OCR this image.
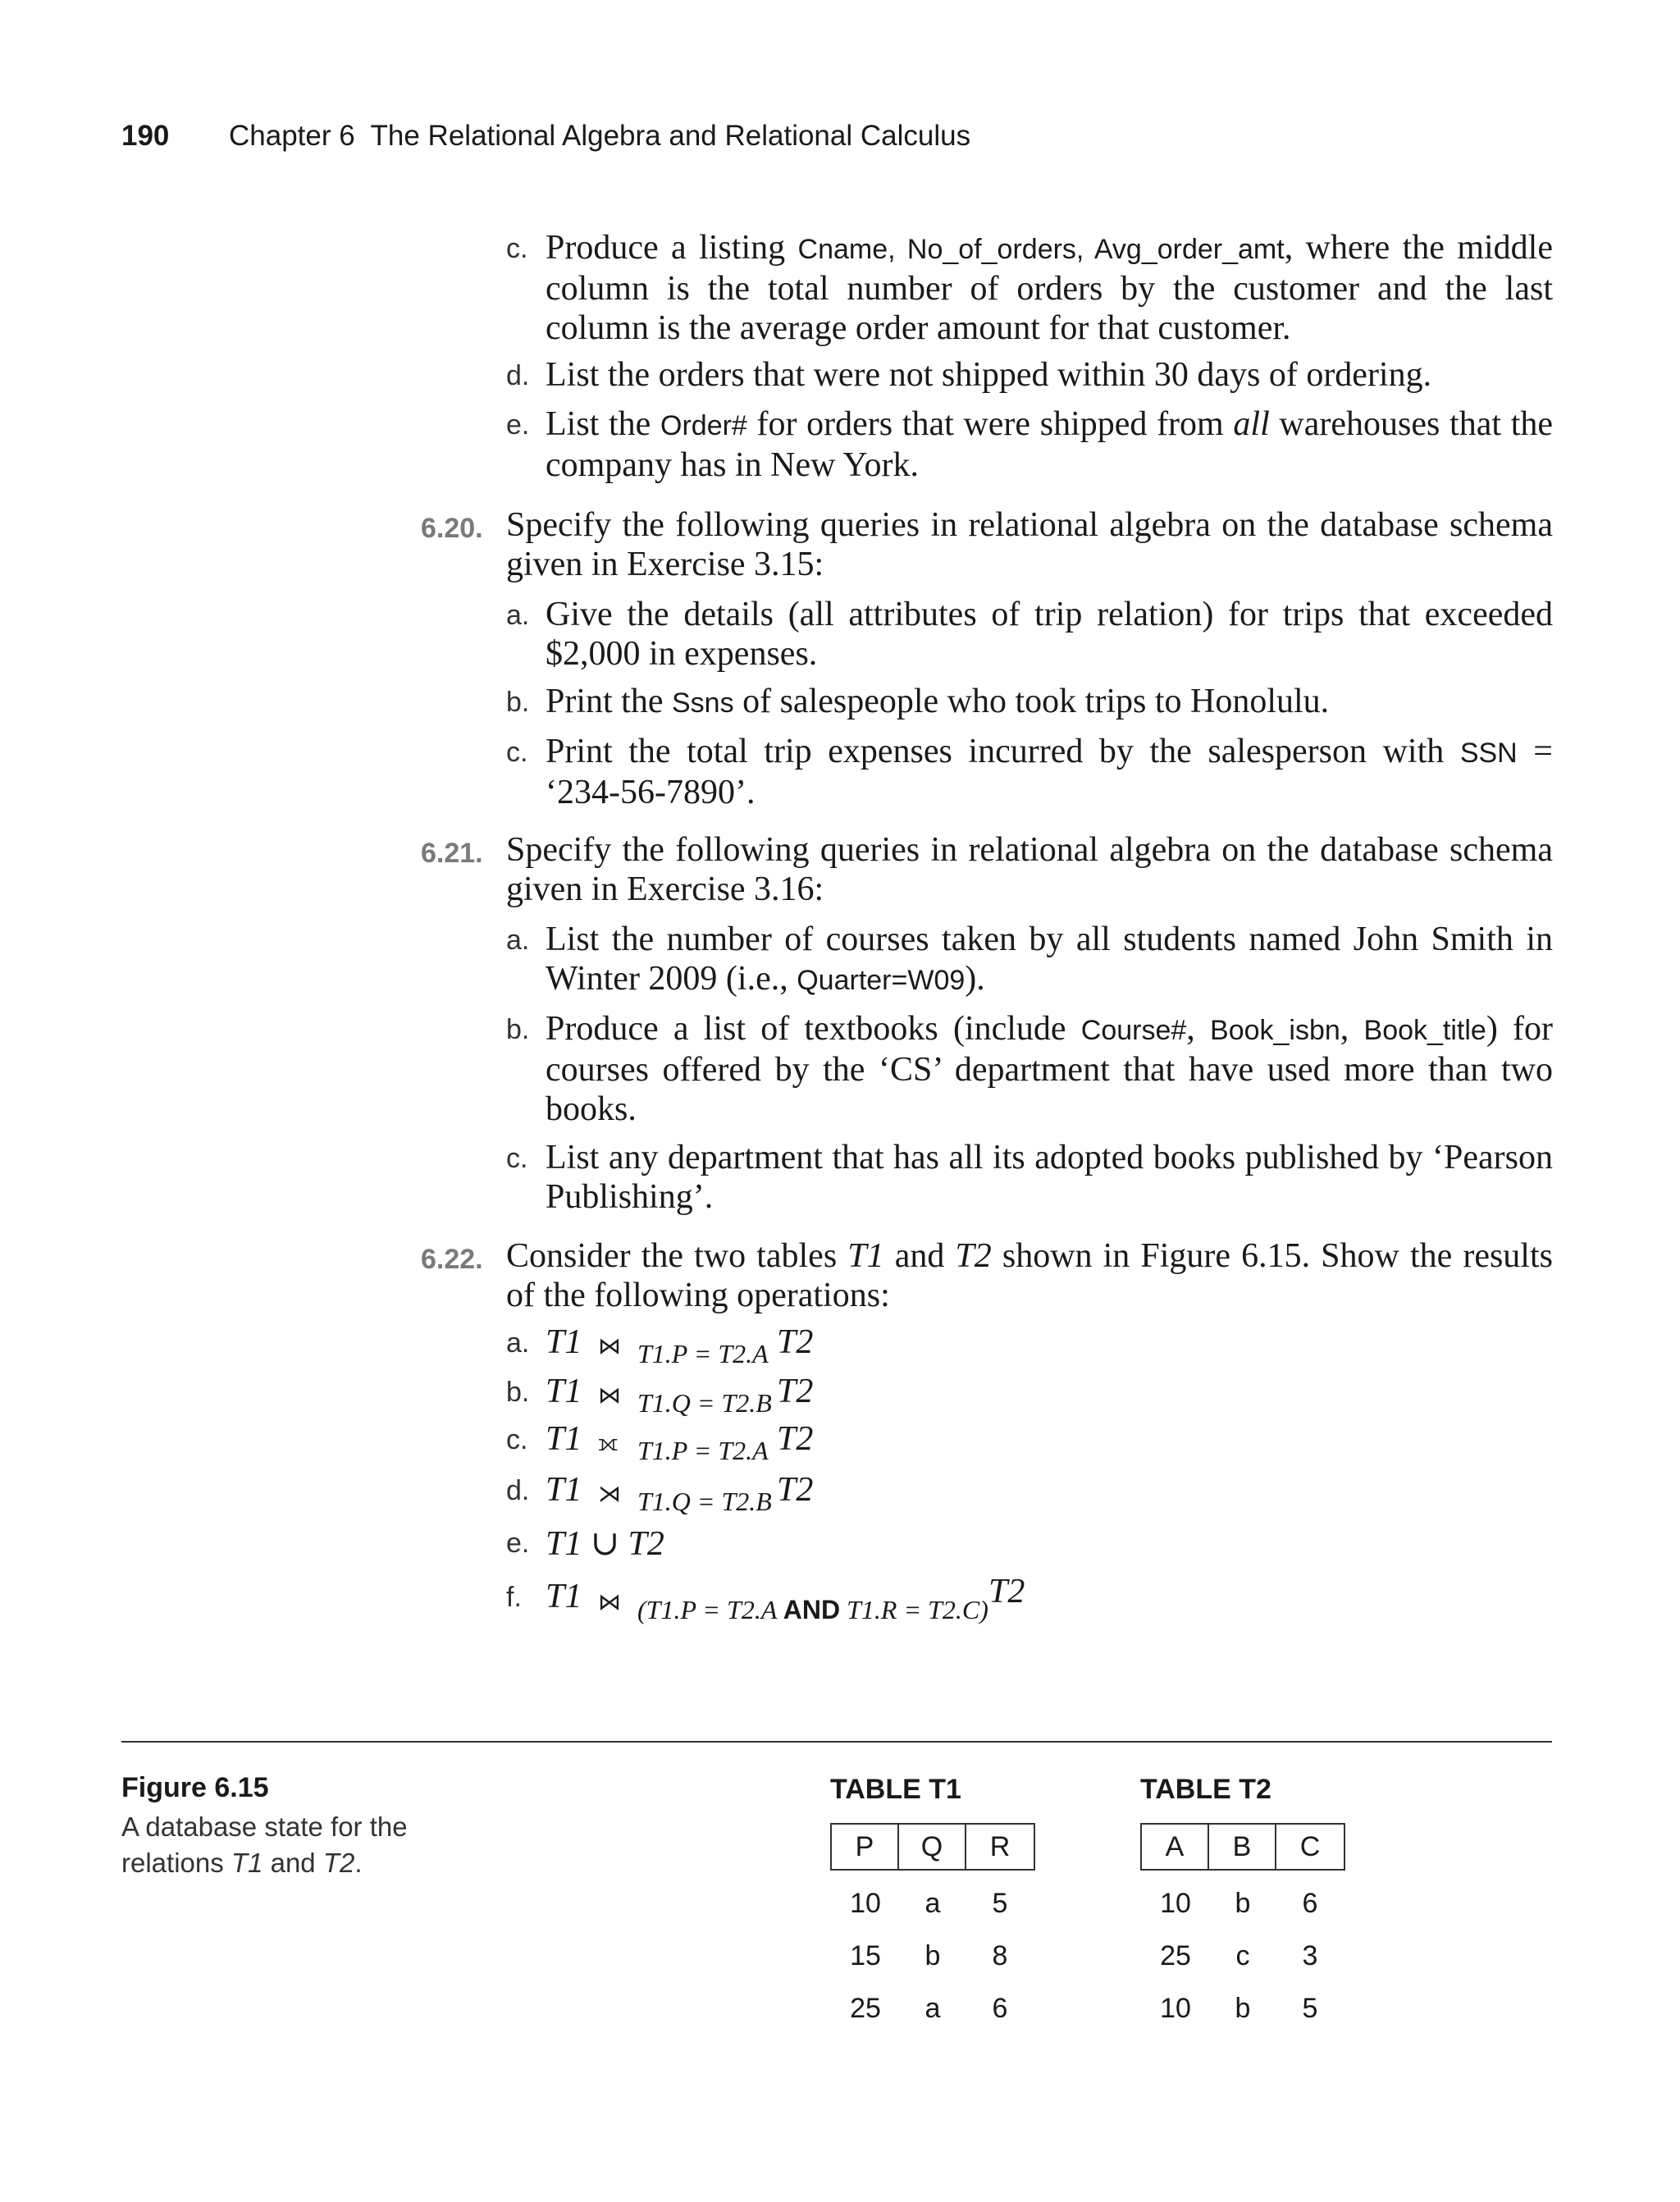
190 Chapter 6  The Relational Algebra and Relational Calculus
c. Produce a listing Cname, No_of_orders, Avg_order_amt, where the middle column is the total number of orders by the customer and the last column is the average order amount for that customer.
d. List the orders that were not shipped within 30 days of ordering.
e. List the Order# for orders that were shipped from all warehouses that the company has in New York.
6.20. Specify the following queries in relational algebra on the database schema given in Exercise 3.15:
a. Give the details (all attributes of trip relation) for trips that exceeded $2,000 in expenses.
b. Print the Ssns of salespeople who took trips to Honolulu.
c. Print the total trip expenses incurred by the salesperson with SSN = ‘234-56-7890’.
6.21. Specify the following queries in relational algebra on the database schema given in Exercise 3.16:
a. List the number of courses taken by all students named John Smith in Winter 2009 (i.e., Quarter=W09).
b. Produce a list of textbooks (include Course#, Book_isbn, Book_title) for courses offered by the ‘CS’ department that have used more than two books.
c. List any department that has all its adopted books published by ‘Pearson Publishing’.
6.22. Consider the two tables T1 and T2 shown in Figure 6.15. Show the results of the following operations:
a. T1 ⋈ T1.P = T2.A T2
b. T1 ⋈ T1.Q = T2.B T2
c. T1 ⟗ T1.P = T2.A T2
d. T1 ⋊ T1.Q = T2.B T2
e. T1 ∪ T2
f. T1 ⋈ (T1.P = T2.A AND T1.R = T2.C) T2
Figure 6.15
A database state for the relations T1 and T2.
TABLE T1
P	Q	R
10	a	5
15	b	8
25	a	6
TABLE T2
A	B	C
10	b	6
25	c	3
10	b	5
